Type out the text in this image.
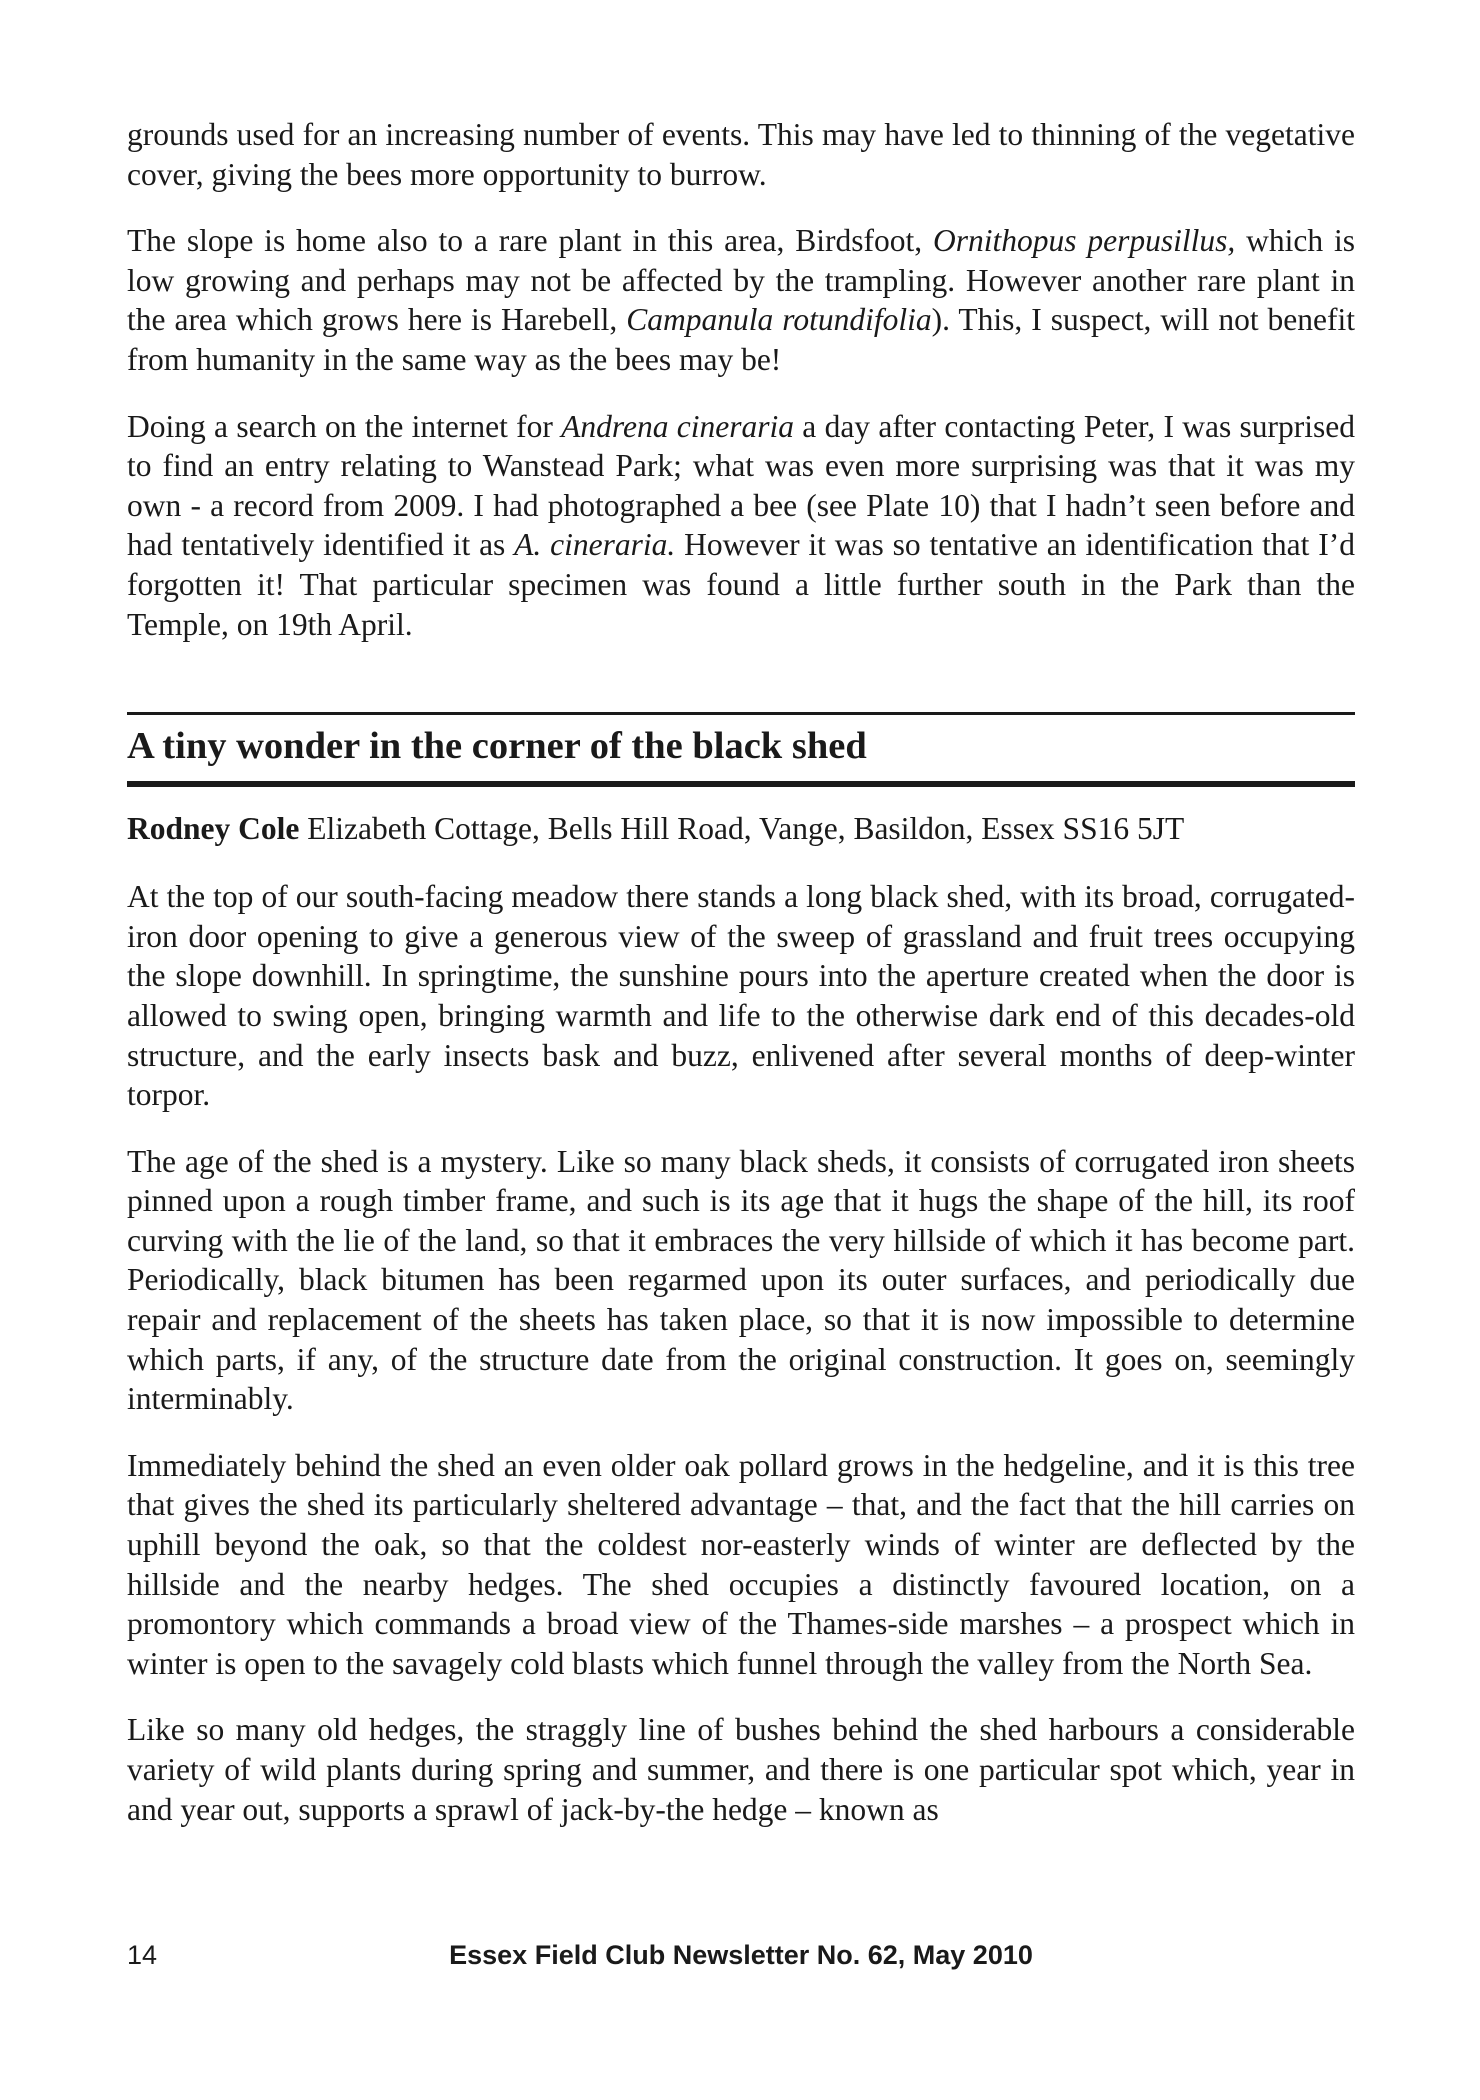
grounds used for an increasing number of events. This may have led to thinning of the vegetative cover, giving the bees more opportunity to burrow.

The slope is home also to a rare plant in this area, Birdsfoot, Ornithopus perpusillus, which is low growing and perhaps may not be affected by the trampling. However another rare plant in the area which grows here is Harebell, Campanula rotundifolia). This, I suspect, will not benefit from humanity in the same way as the bees may be!

Doing a search on the internet for Andrena cineraria a day after contacting Peter, I was surprised to find an entry relating to Wanstead Park; what was even more surprising was that it was my own - a record from 2009. I had photographed a bee (see Plate 10) that I hadn’t seen before and had tentatively identified it as A. cineraria. However it was so tentative an identification that I’d forgotten it! That particular specimen was found a little further south in the Park than the Temple, on 19th April.

A tiny wonder in the corner of the black shed

Rodney Cole Elizabeth Cottage, Bells Hill Road, Vange, Basildon, Essex SS16 5JT

At the top of our south-facing meadow there stands a long black shed, with its broad, corrugated-iron door opening to give a generous view of the sweep of grassland and fruit trees occupying the slope downhill. In springtime, the sunshine pours into the aperture created when the door is allowed to swing open, bringing warmth and life to the otherwise dark end of this decades-old structure, and the early insects bask and buzz, enlivened after several months of deep-winter torpor.

The age of the shed is a mystery. Like so many black sheds, it consists of corrugated iron sheets pinned upon a rough timber frame, and such is its age that it hugs the shape of the hill, its roof curving with the lie of the land, so that it embraces the very hillside of which it has become part. Periodically, black bitumen has been regarmed upon its outer surfaces, and periodically due repair and replacement of the sheets has taken place, so that it is now impossible to determine which parts, if any, of the structure date from the original construction. It goes on, seemingly interminably.

Immediately behind the shed an even older oak pollard grows in the hedgeline, and it is this tree that gives the shed its particularly sheltered advantage – that, and the fact that the hill carries on uphill beyond the oak, so that the coldest nor-easterly winds of winter are deflected by the hillside and the nearby hedges. The shed occupies a distinctly favoured location, on a promontory which commands a broad view of the Thames-side marshes – a prospect which in winter is open to the savagely cold blasts which funnel through the valley from the North Sea.

Like so many old hedges, the straggly line of bushes behind the shed harbours a considerable variety of wild plants during spring and summer, and there is one particular spot which, year in and year out, supports a sprawl of jack-by-the hedge – known as

14	Essex Field Club Newsletter No. 62, May 2010
